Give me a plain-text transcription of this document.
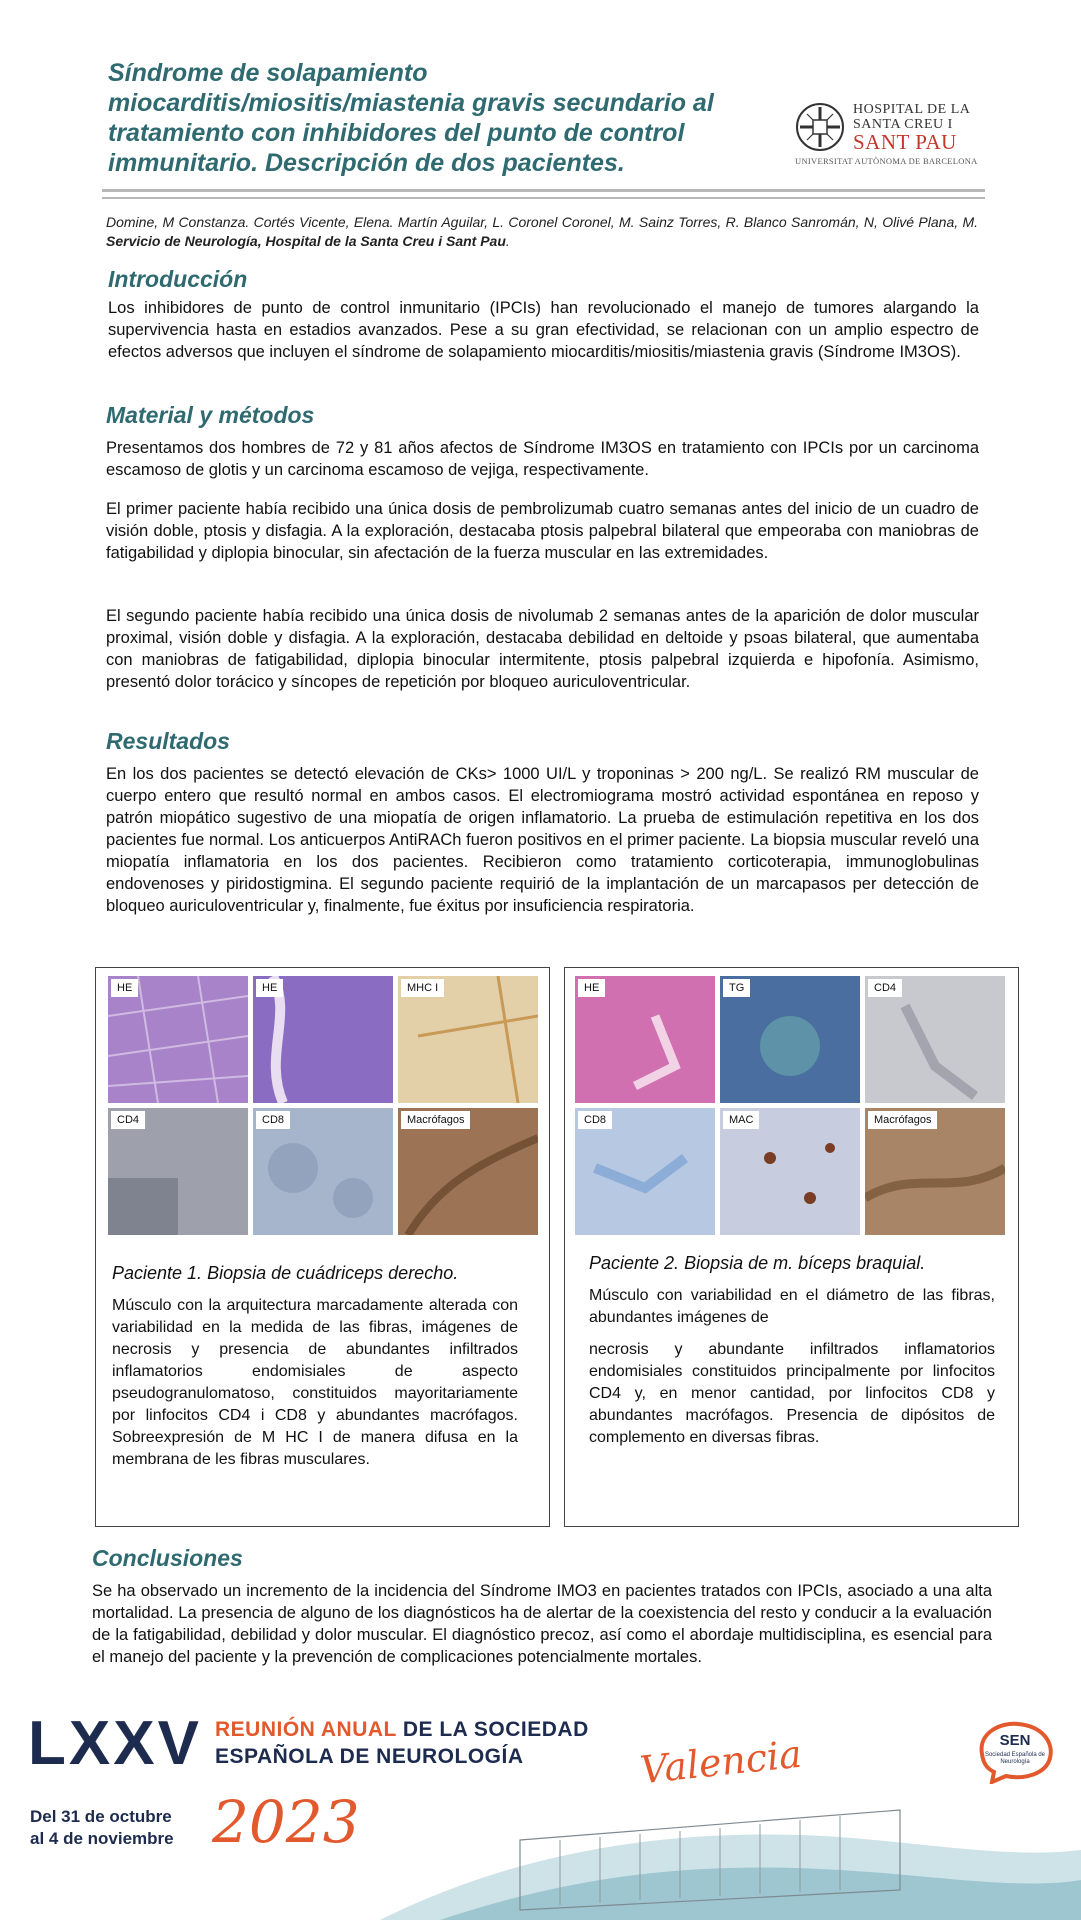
Síndrome de solapamiento miocarditis/miositis/miastenia gravis secundario al tratamiento con inhibidores del punto de control immunitario. Descripción de dos pacientes.
HOSPITAL DE LA
SANTA CREU I
SANT PAU
UNIVERSITAT AUTÒNOMA DE BARCELONA
Domine, M Constanza. Cortés Vicente, Elena. Martín Aguilar, L. Coronel Coronel, M. Sainz Torres, R. Blanco Sanromán, N, Olivé Plana, M. Servicio de Neurología, Hospital de la Santa Creu i Sant Pau.
Introducción
Los inhibidores de punto de control inmunitario (IPCIs) han revolucionado el manejo de tumores alargando la supervivencia hasta en estadios avanzados. Pese a su gran efectividad, se relacionan con un amplio espectro de efectos adversos que incluyen el síndrome de solapamiento miocarditis/miositis/miastenia gravis (Síndrome IM3OS).
Material y métodos
Presentamos dos hombres de 72 y 81 años afectos de Síndrome IM3OS en tratamiento con IPCIs por un carcinoma escamoso de glotis y un carcinoma escamoso de vejiga, respectivamente.
El primer paciente había recibido una única dosis de pembrolizumab cuatro semanas antes del inicio de un cuadro de visión doble, ptosis y disfagia. A la exploración, destacaba ptosis palpebral bilateral que empeoraba con maniobras de fatigabilidad y diplopia binocular, sin afectación de la fuerza muscular en las extremidades.
El segundo paciente había recibido una única dosis de nivolumab 2 semanas antes de la aparición de dolor muscular proximal, visión doble y disfagia. A la exploración, destacaba debilidad en deltoide y psoas bilateral, que aumentaba con maniobras de fatigabilidad, diplopia binocular intermitente, ptosis palpebral izquierda e hipofonía. Asimismo, presentó dolor torácico y síncopes de repetición por bloqueo auriculoventricular.
Resultados
En los dos pacientes se detectó elevación de CKs> 1000 UI/L y troponinas > 200 ng/L. Se realizó RM muscular de cuerpo entero que resultó normal en ambos casos. El electromiograma mostró actividad espontánea en reposo y patrón miopático sugestivo de una miopatía de origen inflamatorio. La prueba de estimulación repetitiva en los dos pacientes fue normal. Los anticuerpos AntiRACh fueron positivos en el primer paciente. La biopsia muscular reveló una miopatía inflamatoria en los dos pacientes. Recibieron como tratamiento corticoterapia, immunoglobulinas endovenoses y piridostigmina. El segundo paciente requirió de la implantación de un marcapasos per detección de bloqueo auriculoventricular y, finalmente, fue éxitus por insuficiencia respiratoria.
HE	HE	MHC I
CD4	CD8	Macrófagos
Paciente 1. Biopsia de cuádriceps derecho.
Músculo con la arquitectura marcadamente alterada con variabilidad en la medida de las fibras, imágenes de necrosis y presencia de abundantes infiltrados inflamatorios endomisiales de aspecto pseudogranulomatoso, constituidos mayoritariamente por linfocitos CD4 i CD8 y abundantes macrófagos. Sobreexpresión de M HC I de manera difusa en la membrana de les fibras musculares.
HE	TG	CD4
CD8	MAC	Macrófagos
Paciente 2. Biopsia de m. bíceps braquial.
Músculo con variabilidad en el diámetro de las fibras, abundantes imágenes de
necrosis y abundante infiltrados inflamatorios endomisiales constituidos principalmente por linfocitos CD4 y, en menor cantidad, por linfocitos CD8 y abundantes macrófagos. Presencia de dipósitos de complemento en diversas fibras.
Conclusiones
Se ha observado un incremento de la incidencia del Síndrome IMO3 en pacientes tratados con IPCIs, asociado a una alta mortalidad. La presencia de alguno de los diagnósticos ha de alertar de la coexistencia del resto y conducir a la evaluación de la fatigabilidad, debilidad y dolor muscular. El diagnóstico precoz, así como el abordaje multidisciplina, es esencial para el manejo del paciente y la prevención de complicaciones potencialmente mortales.
LXXV REUNIÓN ANUAL DE LA SOCIEDAD
ESPAÑOLA DE NEUROLOGÍA
Del 31 de octubre
al 4 de noviembre 2023
Valencia	SEN
Sociedad Española de Neurología
